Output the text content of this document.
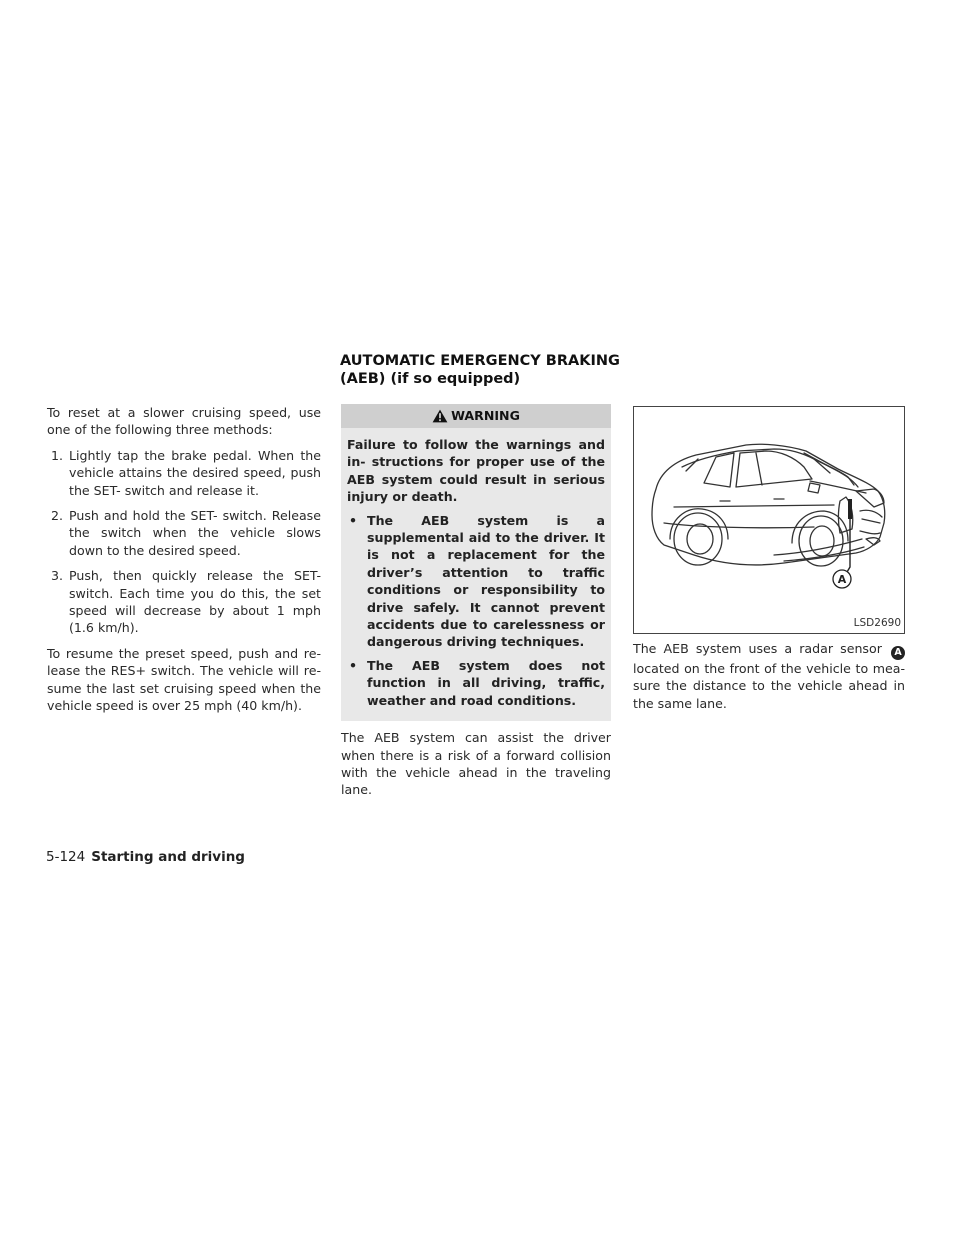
AUTOMATIC EMERGENCY BRAKING
(AEB) (if so equipped)

To reset at a slower cruising speed, use one of the following three methods:

1. Lightly tap the brake pedal. When the vehicle attains the desired speed, push the SET- switch and release it.
2. Push and hold the SET- switch. Release the switch when the vehicle slows down to the desired speed.
3. Push, then quickly release the SET- switch. Each time you do this, the set speed will decrease by about 1 mph (1.6 km/h).

To resume the preset speed, push and re- lease the RES+ switch. The vehicle will re- sume the last set cruising speed when the vehicle speed is over 25 mph (40 km/h).

WARNING

Failure to follow the warnings and in- structions for proper use of the AEB system could result in serious injury or death.

• The AEB system is a supplemental aid to the driver. It is not a replacement for the driver’s attention to traffic conditions or responsibility to drive safely. It cannot prevent accidents due to carelessness or dangerous driving techniques.
• The AEB system does not function in all driving, traffic, weather and road conditions.

The AEB system can assist the driver when there is a risk of a forward collision with the vehicle ahead in the traveling lane.

A
LSD2690

The AEB system uses a radar sensor A located on the front of the vehicle to mea- sure the distance to the vehicle ahead in the same lane.

5-124 Starting and driving
